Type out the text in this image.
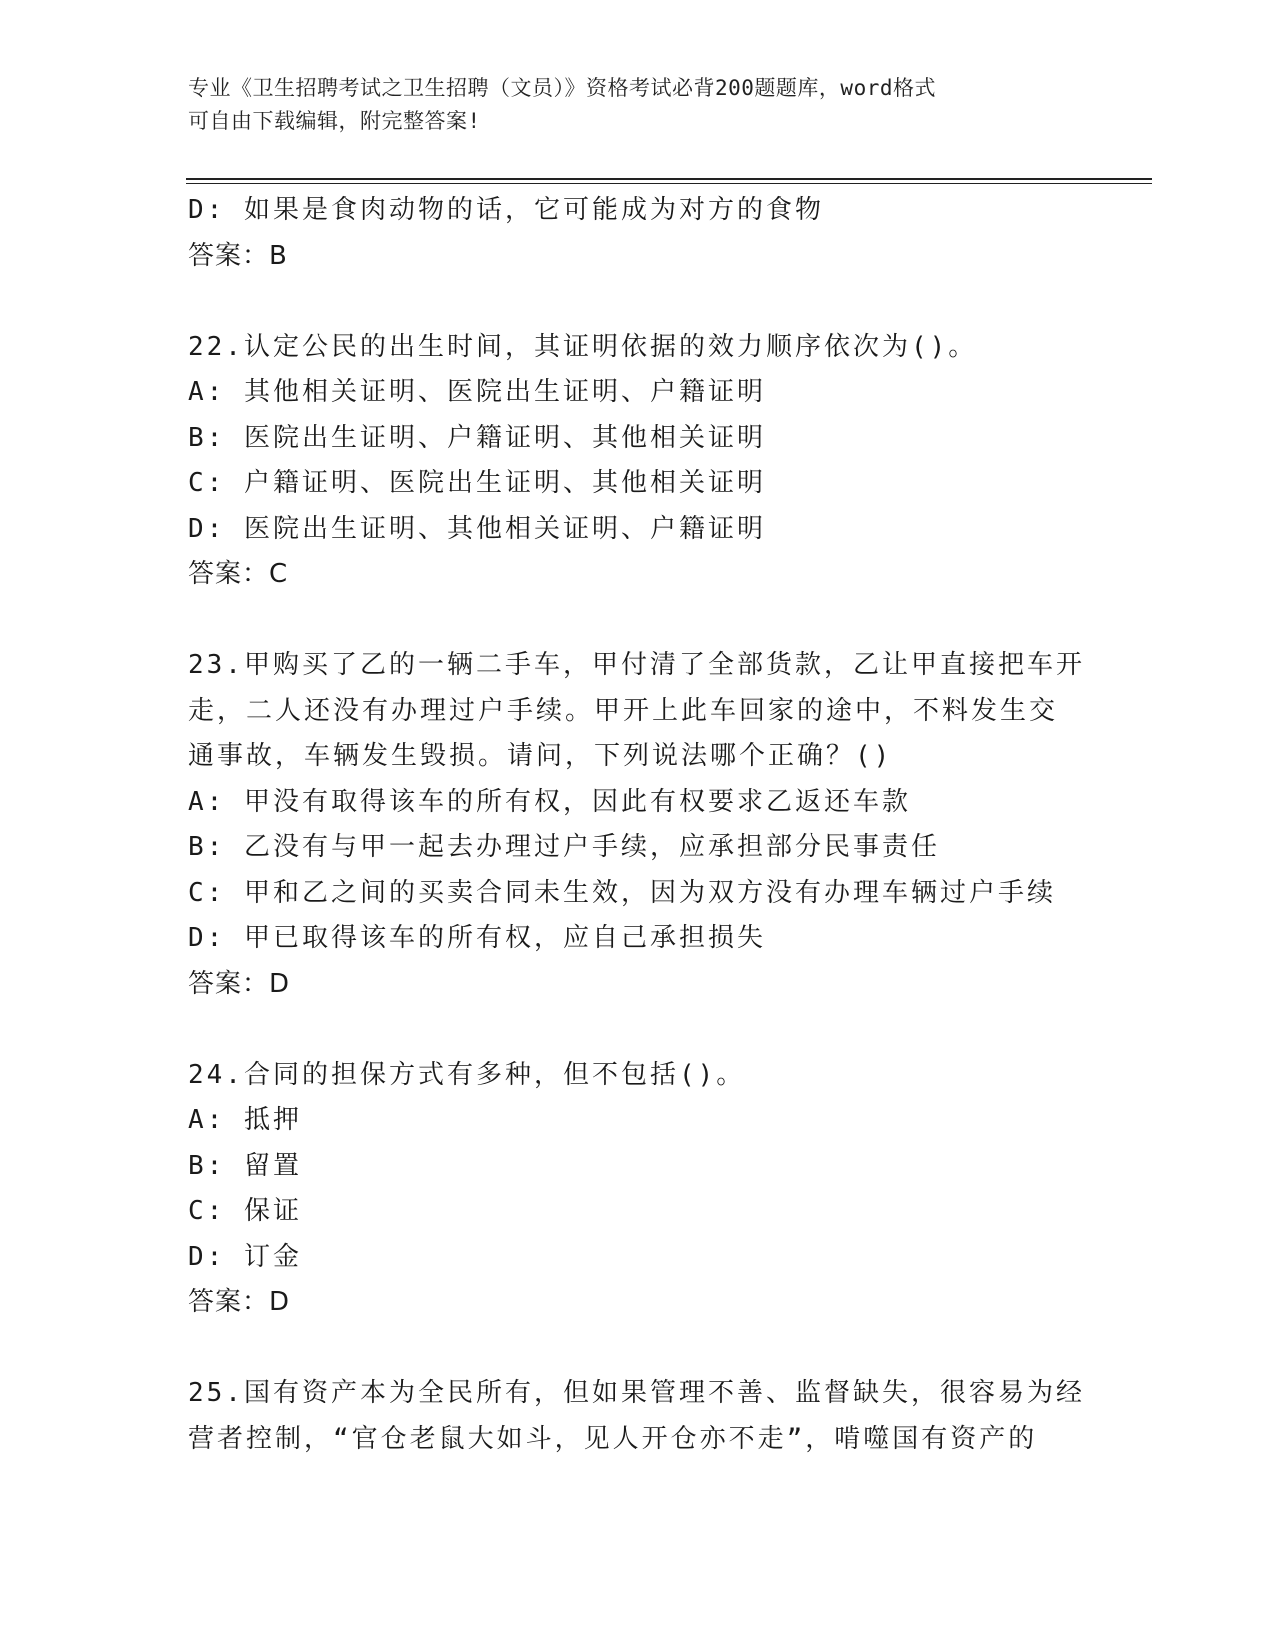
专业《卫生招聘考试之卫生招聘（文员）》资格考试必背200题题库，word格式
可自由下载编辑，附完整答案!
D: 如果是食肉动物的话，它可能成为对方的食物
答案：B
22.认定公民的出生时间，其证明依据的效力顺序依次为()。
A: 其他相关证明、医院出生证明、户籍证明
B: 医院出生证明、户籍证明、其他相关证明
C: 户籍证明、医院出生证明、其他相关证明
D: 医院出生证明、其他相关证明、户籍证明
答案：C
23.甲购买了乙的一辆二手车，甲付清了全部货款，乙让甲直接把车开
走，二人还没有办理过户手续。甲开上此车回家的途中，不料发生交
通事故，车辆发生毁损。请问，下列说法哪个正确？()
A: 甲没有取得该车的所有权，因此有权要求乙返还车款
B: 乙没有与甲一起去办理过户手续，应承担部分民事责任
C: 甲和乙之间的买卖合同未生效，因为双方没有办理车辆过户手续
D: 甲已取得该车的所有权，应自己承担损失
答案：D
24.合同的担保方式有多种，但不包括()。
A: 抵押
B: 留置
C: 保证
D: 订金
答案：D
25.国有资产本为全民所有，但如果管理不善、监督缺失，很容易为经
营者控制，“官仓老鼠大如斗，见人开仓亦不走”，啃噬国有资产的
